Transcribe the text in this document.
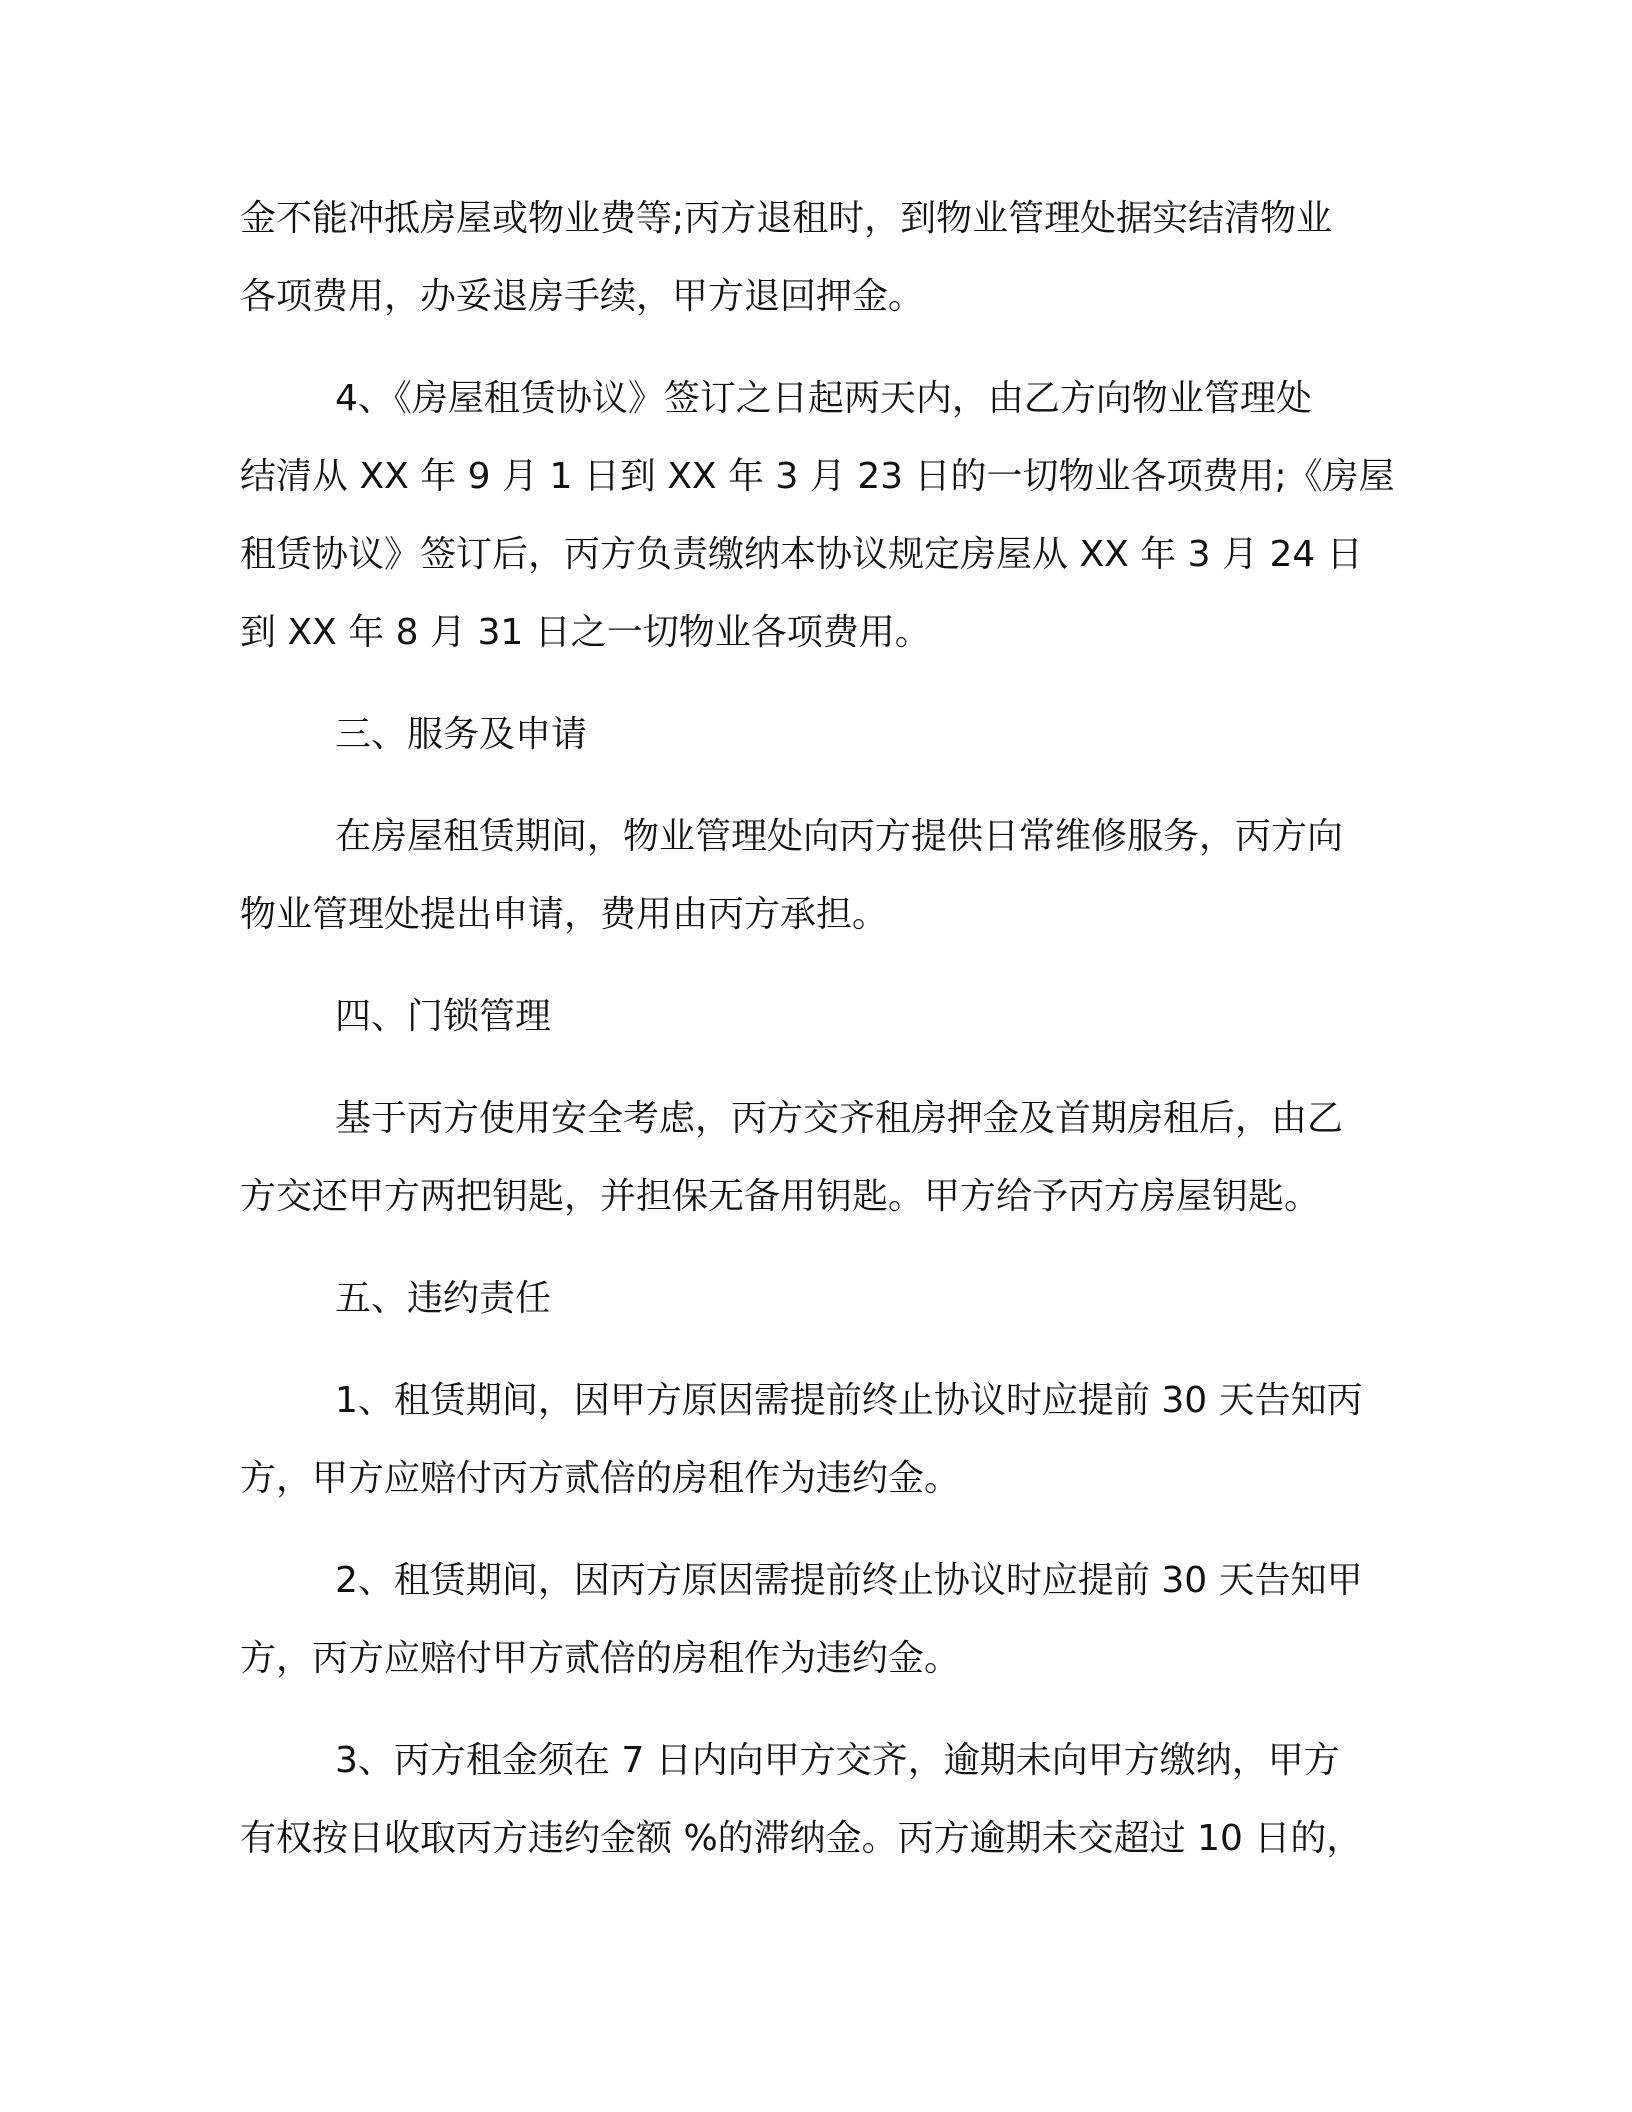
金不能冲抵房屋或物业费等;丙方退租时，到物业管理处据实结清物业
各项费用，办妥退房手续，甲方退回押金。

4、《房屋租赁协议》签订之日起两天内，由乙方向物业管理处
结清从 XX 年 9 月 1 日到 XX 年 3 月 23 日的一切物业各项费用;《房屋
租赁协议》签订后，丙方负责缴纳本协议规定房屋从 XX 年 3 月 24 日
到 XX 年 8 月 31 日之一切物业各项费用。

三、服务及申请

在房屋租赁期间，物业管理处向丙方提供日常维修服务，丙方向
物业管理处提出申请，费用由丙方承担。

四、门锁管理

基于丙方使用安全考虑，丙方交齐租房押金及首期房租后，由乙
方交还甲方两把钥匙，并担保无备用钥匙。甲方给予丙方房屋钥匙。

五、违约责任

1、租赁期间，因甲方原因需提前终止协议时应提前 30 天告知丙
方，甲方应赔付丙方贰倍的房租作为违约金。

2、租赁期间，因丙方原因需提前终止协议时应提前 30 天告知甲
方，丙方应赔付甲方贰倍的房租作为违约金。

3、丙方租金须在 7 日内向甲方交齐，逾期未向甲方缴纳，甲方
有权按日收取丙方违约金额 %的滞纳金。丙方逾期未交超过 10 日的，
